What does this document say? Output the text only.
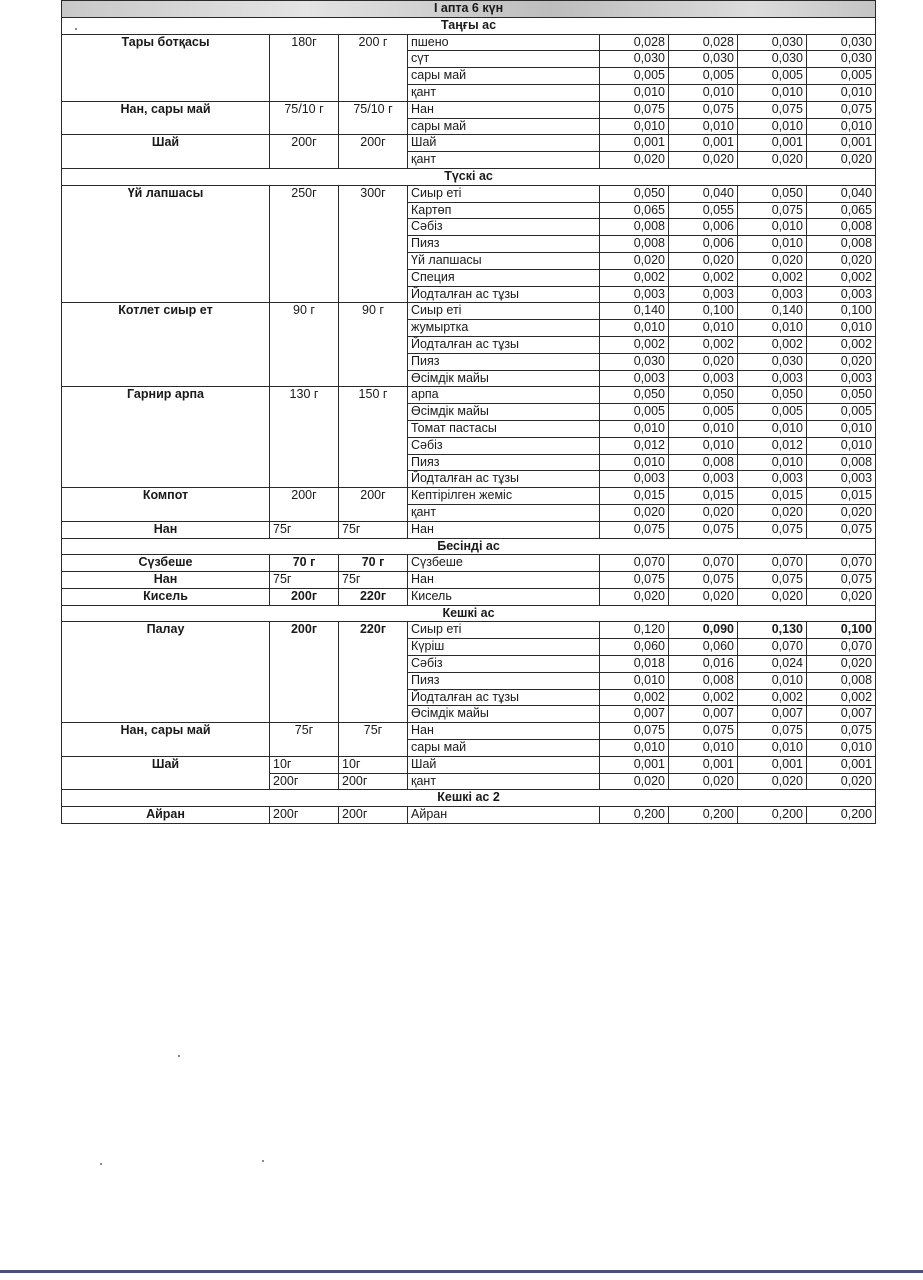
I апта 6 күн							
Таңғы ас							
Тары ботқасы	180г	200 г	пшено	0,028	0,028	0,030	0,030
			сүт	0,030	0,030	0,030	0,030
			сары май	0,005	0,005	0,005	0,005
			қант	0,010	0,010	0,010	0,010
Нан, сары май	75/10 г	75/10 г	Нан	0,075	0,075	0,075	0,075
			сары май	0,010	0,010	0,010	0,010
Шай	200г	200г	Шай	0,001	0,001	0,001	0,001
			қант	0,020	0,020	0,020	0,020
Түскі ас							
Үй лапшасы	250г	300г	Сиыр еті	0,050	0,040	0,050	0,040
			Картөп	0,065	0,055	0,075	0,065
			Сәбіз	0,008	0,006	0,010	0,008
			Пияз	0,008	0,006	0,010	0,008
			Үй лапшасы	0,020	0,020	0,020	0,020
			Специя	0,002	0,002	0,002	0,002
			Йодталған ас тұзы	0,003	0,003	0,003	0,003
Котлет сиыр ет	90 г	90 г	Сиыр еті	0,140	0,100	0,140	0,100
			жумыртка	0,010	0,010	0,010	0,010
			Йодталған ас тұзы	0,002	0,002	0,002	0,002
			Пияз	0,030	0,020	0,030	0,020
			Өсімдік майы	0,003	0,003	0,003	0,003
Гарнир арпа	130 г	150 г	арпа	0,050	0,050	0,050	0,050
			Өсімдік майы	0,005	0,005	0,005	0,005
			Томат пастасы	0,010	0,010	0,010	0,010
			Сәбіз	0,012	0,010	0,012	0,010
			Пияз	0,010	0,008	0,010	0,008
			Йодталған ас тұзы	0,003	0,003	0,003	0,003
Компот	200г	200г	Кептірілген жеміс	0,015	0,015	0,015	0,015
			қант	0,020	0,020	0,020	0,020
Нан	75г	75г	Нан	0,075	0,075	0,075	0,075
Бесінді ас							
Сүзбеше	70 г	70 г	Сүзбеше	0,070	0,070	0,070	0,070
Нан	75г	75г	Нан	0,075	0,075	0,075	0,075
Кисель	200г	220г	Кисель	0,020	0,020	0,020	0,020
Кешкі ас							
Палау	200г	220г	Сиыр еті	0,120	0,090	0,130	0,100
			Күріш	0,060	0,060	0,070	0,070
			Сәбіз	0,018	0,016	0,024	0,020
			Пияз	0,010	0,008	0,010	0,008
			Йодталған ас тұзы	0,002	0,002	0,002	0,002
			Өсімдік майы	0,007	0,007	0,007	0,007
Нан, сары май	75г	75г	Нан	0,075	0,075	0,075	0,075
			сары май	0,010	0,010	0,010	0,010
Шай	10г	10г	Шай	0,001	0,001	0,001	0,001
	200г	200г	қант	0,020	0,020	0,020	0,020
Кешкі ас 2							
Айран	200г	200г	Айран	0,200	0,200	0,200	0,200
